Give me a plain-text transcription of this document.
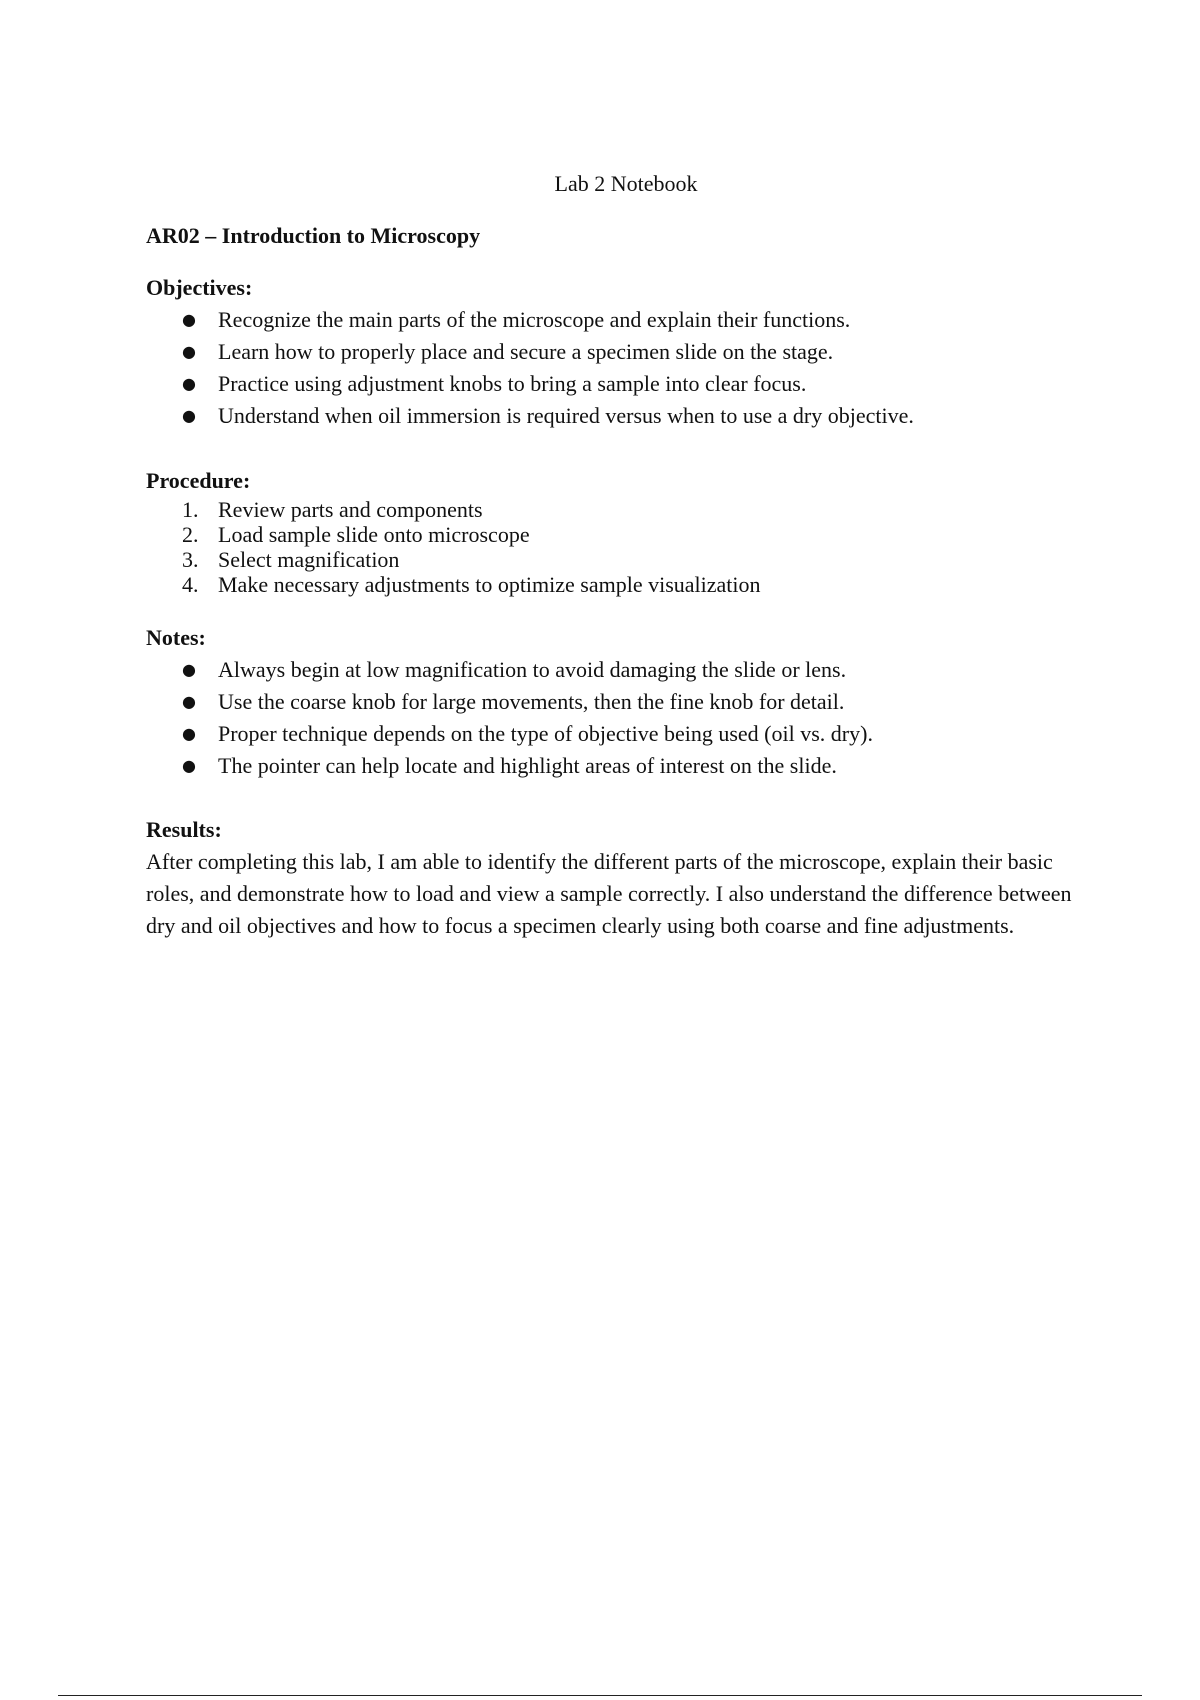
Lab 2 Notebook
AR02 – Introduction to Microscopy
Objectives:
● Recognize the main parts of the microscope and explain their functions.
● Learn how to properly place and secure a specimen slide on the stage.
● Practice using adjustment knobs to bring a sample into clear focus.
● Understand when oil immersion is required versus when to use a dry objective.
Procedure:
1. Review parts and components
2. Load sample slide onto microscope
3. Select magnification
4. Make necessary adjustments to optimize sample visualization
Notes:
● Always begin at low magnification to avoid damaging the slide or lens.
● Use the coarse knob for large movements, then the fine knob for detail.
● Proper technique depends on the type of objective being used (oil vs. dry).
● The pointer can help locate and highlight areas of interest on the slide.
Results:

After completing this lab, I am able to identify the different parts of the microscope, explain their basic roles, and demonstrate how to load and view a sample correctly. I also understand the difference between dry and oil objectives and how to focus a specimen clearly using both coarse and fine adjustments.
